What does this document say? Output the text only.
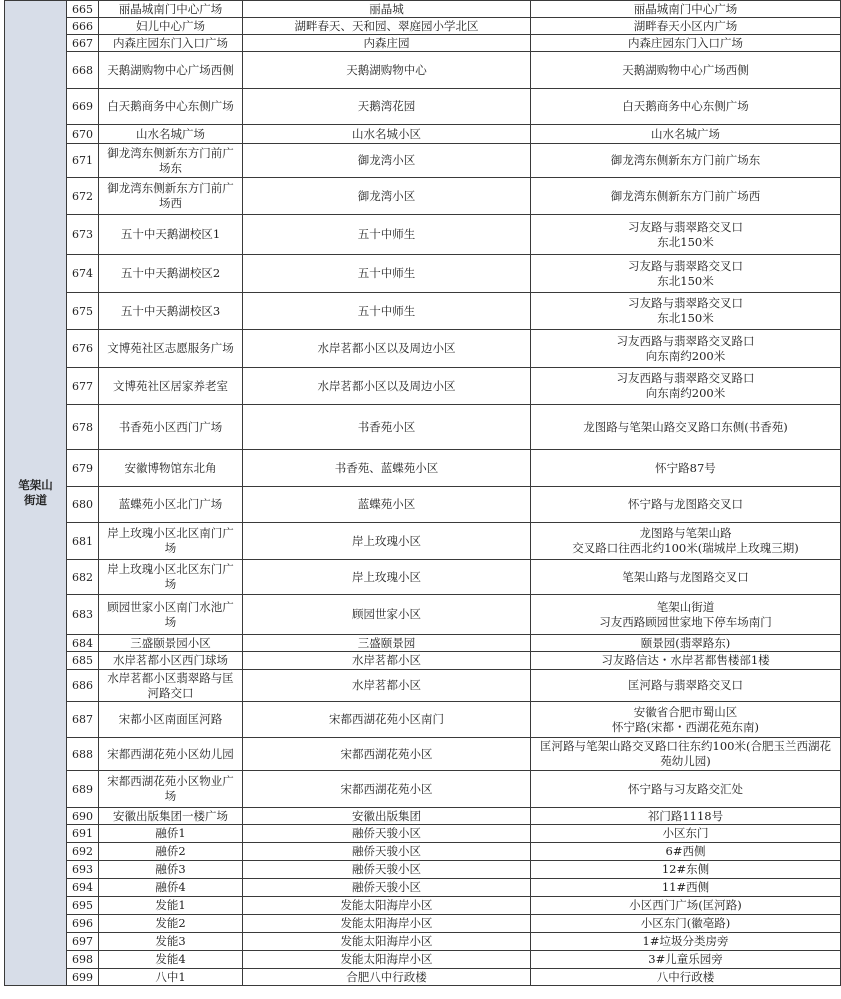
笔架山
街道	665	丽晶城南门中心广场	丽晶城	丽晶城南门中心广场
	666	妇儿中心广场	湖畔春天、天和园、翠庭园小学北区	湖畔春天小区内广场
	667	内森庄园东门入口广场	内森庄园	内森庄园东门入口广场
	668	天鹅湖购物中心广场西侧	天鹅湖购物中心	天鹅湖购物中心广场西侧
	669	白天鹅商务中心东侧广场	天鹅湾花园	白天鹅商务中心东侧广场
	670	山水名城广场	山水名城小区	山水名城广场
	671	御龙湾东侧新东方门前广
场东	御龙湾小区	御龙湾东侧新东方门前广场东
	672	御龙湾东侧新东方门前广
场西	御龙湾小区	御龙湾东侧新东方门前广场西
	673	五十中天鹅湖校区1	五十中师生	习友路与翡翠路交叉口
东北150米
	674	五十中天鹅湖校区2	五十中师生	习友路与翡翠路交叉口
东北150米
	675	五十中天鹅湖校区3	五十中师生	习友路与翡翠路交叉口
东北150米
	676	文博苑社区志愿服务广场	水岸茗都小区以及周边小区	习友西路与翡翠路交叉路口
向东南约200米
	677	文博苑社区居家养老室	水岸茗都小区以及周边小区	习友西路与翡翠路交叉路口
向东南约200米
	678	书香苑小区西门广场	书香苑小区	龙图路与笔架山路交叉路口东侧(书香苑)
	679	安徽博物馆东北角	书香苑、蓝蝶苑小区	怀宁路87号
	680	蓝蝶苑小区北门广场	蓝蝶苑小区	怀宁路与龙图路交叉口
	681	岸上玫瑰小区北区南门广
场	岸上玫瑰小区	龙图路与笔架山路
交叉路口往西北约100米(瑞城岸上玫瑰三期)
	682	岸上玫瑰小区北区东门广
场	岸上玫瑰小区	笔架山路与龙图路交叉口
	683	顾园世家小区南门水池广
场	顾园世家小区	笔架山街道
习友西路顾园世家地下停车场南门
	684	三盛颐景园小区	三盛颐景园	颐景园(翡翠路东)
	685	水岸茗都小区西门球场	水岸茗都小区	习友路信达・水岸茗都售楼部1楼
	686	水岸茗都小区翡翠路与匡
河路交口	水岸茗都小区	匡河路与翡翠路交叉口
	687	宋都小区南面匡河路	宋都西湖花苑小区南门	安徽省合肥市蜀山区
怀宁路(宋都・西湖花苑东南)
	688	宋都西湖花苑小区幼儿园	宋都西湖花苑小区	匡河路与笔架山路交叉路口往东约100米(合肥玉兰西湖花
苑幼儿园)
	689	宋都西湖花苑小区物业广
场	宋都西湖花苑小区	怀宁路与习友路交汇处
	690	安徽出版集团一楼广场	安徽出版集团	祁门路1118号
	691	融侨1	融侨天骏小区	小区东门
	692	融侨2	融侨天骏小区	6#西侧
	693	融侨3	融侨天骏小区	12#东侧
	694	融侨4	融侨天骏小区	11#西侧
	695	发能1	发能太阳海岸小区	小区西门广场(匡河路)
	696	发能2	发能太阳海岸小区	小区东门(徽亳路)
	697	发能3	发能太阳海岸小区	1#垃圾分类房旁
	698	发能4	发能太阳海岸小区	3#儿童乐园旁
	699	八中1	合肥八中行政楼	八中行政楼
